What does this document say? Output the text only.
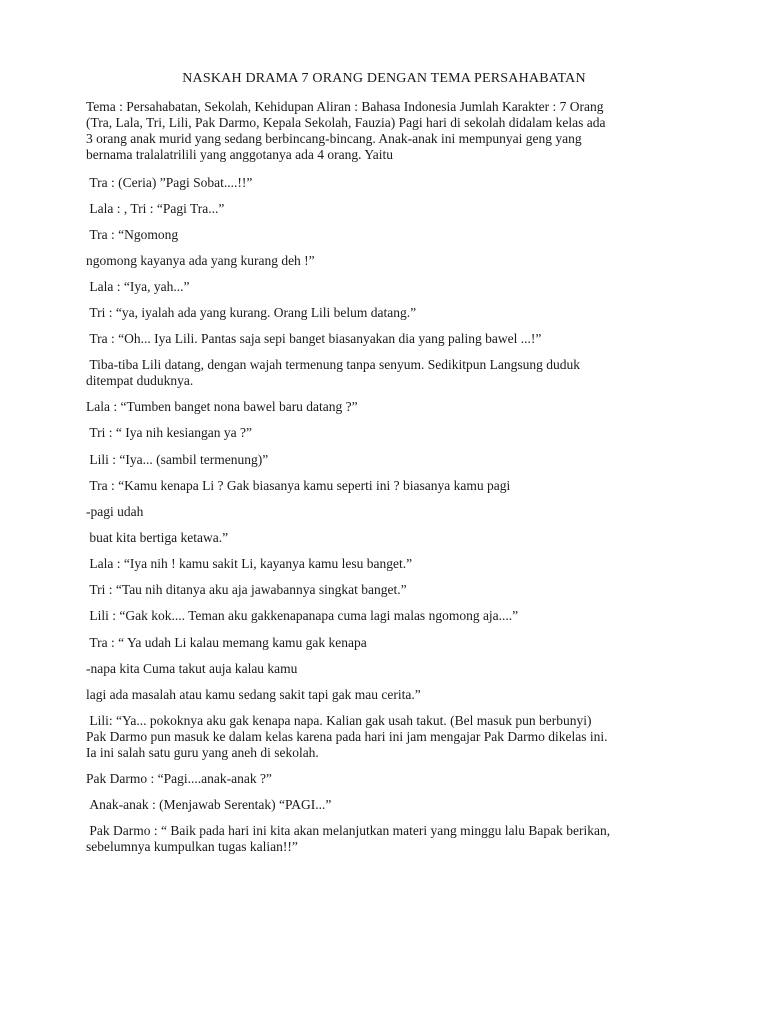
NASKAH DRAMA 7 ORANG DENGAN TEMA PERSAHABATAN

Tema : Persahabatan, Sekolah, Kehidupan Aliran : Bahasa Indonesia Jumlah Karakter : 7 Orang
(Tra, Lala, Tri, Lili, Pak Darmo, Kepala Sekolah, Fauzia) Pagi hari di sekolah didalam kelas ada
3 orang anak murid yang sedang berbincang-bincang. Anak-anak ini mempunyai geng yang
bernama tralalatrilili yang anggotanya ada 4 orang. Yaitu

Tra : (Ceria) ”Pagi Sobat....!!”

Lala : , Tri : “Pagi Tra...”

Tra : “Ngomong

ngomong kayanya ada yang kurang deh !”

Lala : “Iya, yah...”

Tri : “ya, iyalah ada yang kurang. Orang Lili belum datang.”

Tra : “Oh... Iya Lili. Pantas saja sepi banget biasanyakan dia yang paling bawel ...!”

Tiba-tiba Lili datang, dengan wajah termenung tanpa senyum. Sedikitpun Langsung duduk
ditempat duduknya.

Lala : “Tumben banget nona bawel baru datang ?”

Tri : “ Iya nih kesiangan ya ?”

Lili : “Iya... (sambil termenung)”

Tra : “Kamu kenapa Li ? Gak biasanya kamu seperti ini ? biasanya kamu pagi

-pagi udah

buat kita bertiga ketawa.”

Lala : “Iya nih ! kamu sakit Li, kayanya kamu lesu banget.”

Tri : “Tau nih ditanya aku aja jawabannya singkat banget.”

Lili : “Gak kok.... Teman aku gakkenapanapa cuma lagi malas ngomong aja....”

Tra : “ Ya udah Li kalau memang kamu gak kenapa

-napa kita Cuma takut auja kalau kamu

lagi ada masalah atau kamu sedang sakit tapi gak mau cerita.”

Lili: “Ya... pokoknya aku gak kenapa napa. Kalian gak usah takut. (Bel masuk pun berbunyi)
Pak Darmo pun masuk ke dalam kelas karena pada hari ini jam mengajar Pak Darmo dikelas ini.
Ia ini salah satu guru yang aneh di sekolah.

Pak Darmo : “Pagi....anak-anak ?”

Anak-anak : (Menjawab Serentak) “PAGI...”

Pak Darmo : “ Baik pada hari ini kita akan melanjutkan materi yang minggu lalu Bapak berikan,
sebelumnya kumpulkan tugas kalian!!”
